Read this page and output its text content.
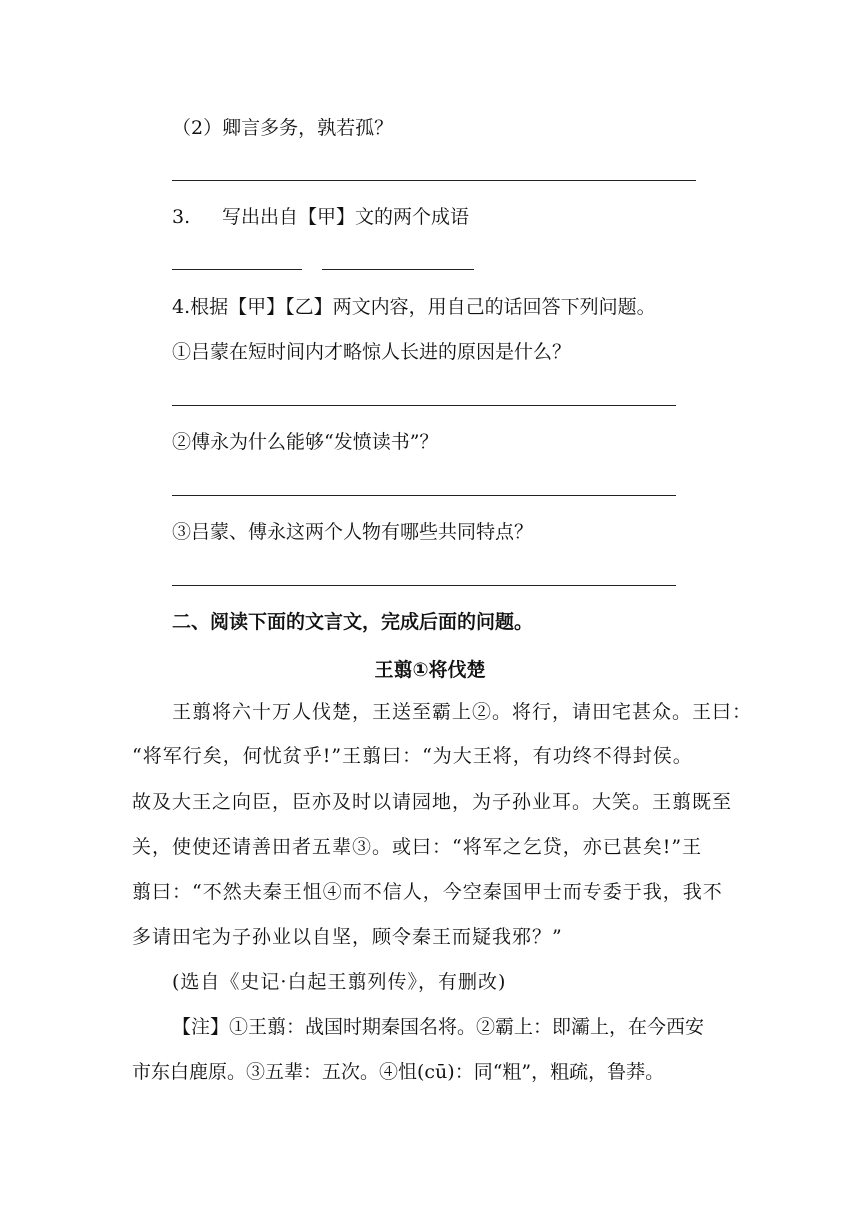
（2）卿言多务，孰若孤？
3. 写出出自【甲】文的两个成语
4.根据【甲】【乙】两文内容，用自己的话回答下列问题。
①吕蒙在短时间内才略惊人长进的原因是什么？
②傅永为什么能够“发愤读书”？
③吕蒙、傅永这两个人物有哪些共同特点？
二、阅读下面的文言文，完成后面的问题。
王翦①将伐楚
王翦将六十万人伐楚，王送至霸上②。将行，请田宅甚众。王曰：
“将军行矣，何忧贫乎!”王翦曰：“为大王将，有功终不得封侯。
故及大王之向臣，臣亦及时以请园地，为子孙业耳。大笑。王翦既至
关，使使还请善田者五辈③。或曰：“将军之乞贷，亦已甚矣!”王
翦曰：“不然夫秦王怚④而不信人，今空秦国甲士而专委于我，我不
多请田宅为子孙业以自坚，顾令秦王而疑我邪？”
(选自《史记·白起王翦列传》，有删改)
【注】①王翦：战国时期秦国名将。②霸上：即灞上，在今西安
市东白鹿原。③五辈：五次。④怚(cū)：同“粗”，粗疏，鲁莽。
